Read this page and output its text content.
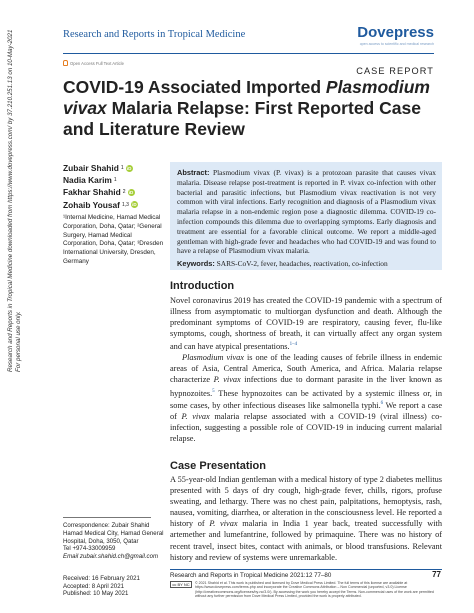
Research and Reports in Tropical Medicine	Dovepress
open access to scientific and medical research
Open Access Full Text Article
CASE REPORT
COVID-19 Associated Imported Plasmodium vivax Malaria Relapse: First Reported Case and Literature Review
Research and Reports in Tropical Medicine downloaded from https://www.dovepress.com/ by 37.210.251.13 on 10-May-2021 For personal use only.
Zubair Shahid 1 iD
Nadia Karim 1
Fakhar Shahid 2 iD
Zohaib Yousaf 1,3 iD
¹Internal Medicine, Hamad Medical Corporation, Doha, Qatar; ²General Surgery, Hamad Medical Corporation, Doha, Qatar; ³Dresden International University, Dresden, Germany
Correspondence: Zubair Shahid
Hamad Medical City, Hamad General Hospital, Doha, 3050, Qatar
Tel +974-33009959
Email zubair.shahid.ch@gmail.com
Received: 16 February 2021
Accepted: 8 April 2021
Published: 10 May 2021
Abstract: Plasmodium vivax (P. vivax) is a protozoan parasite that causes vivax malaria. Disease relapse post-treatment is reported in P. vivax co-infection with other bacterial and parasitic infections, but Plasmodium vivax reactivation is not very common with viral infections. Early recognition and diagnosis of a Plasmodium vivax malaria relapse in a non-endemic region pose a diagnostic dilemma. COVID-19 co-infection compounds this dilemma due to overlapping symptoms. Early diagnosis and treatment are essential for a favorable clinical outcome. We report a middle-aged gentleman with high-grade fever and headaches who had COVID-19 and was found to have a relapse of Plasmodium vivax malaria.
Keywords: SARS-CoV-2, fever, headaches, reactivation, co-infection
Introduction

Novel coronavirus 2019 has created the COVID-19 pandemic with a spectrum of illness from asymptomatic to multiorgan dysfunction and death. Although the predominant symptoms of COVID-19 are respiratory, causing fever, flu-like symptoms, cough, shortness of breath, it can virtually affect any organ system and can have atypical presentations.$^{1-4}$

Plasmodium vivax is one of the leading causes of febrile illness in endemic areas of Asia, Central America, South America, and Africa. Malaria relapse characterize P. vivax infections due to dormant parasite in the liver known as hypnozoites.$^5$ These hypnozoites can be activated by a systemic illness or, in some cases, by other infectious diseases like salmonella typhi.$^6$ We report a case of P. vivax malaria relapse associated with a COVID-19 (viral illness) co-infection, suggesting a possible role of COVID-19 in inducing current malarial relapse.

Case Presentation

A 55-year-old Indian gentleman with a medical history of type 2 diabetes mellitus presented with 5 days of dry cough, high-grade fever, chills, rigors, profuse sweating, and lethargy. There was no chest pain, palpitations, hemoptysis, rash, nausea, vomiting, diarrhea, or alteration in the consciousness level. He reported a history of P. vivax malaria in India 1 year back, treated successfully with artemether and lumefantrine, followed by primaquine. There was no history of recent travel, insect bites, contact with animals, or blood transfusions. Relevant history and review of systems were unremarkable.

Research and Reports in Tropical Medicine 2021:12 77–80	77
cc BY NC	© 2021 Shahid et al. This work is published and licensed by Dove Medical Press Limited. The full terms of this license are available at https://www.dovepress.com/terms.php and incorporate the Creative Commons Attribution – Non Commercial (unported, v3.0) License (http://creativecommons.org/licenses/by-nc/3.0/). By accessing the work you hereby accept the Terms. Non-commercial uses of the work are permitted without any further permission from Dove Medical Press Limited, provided the work is properly attributed.
